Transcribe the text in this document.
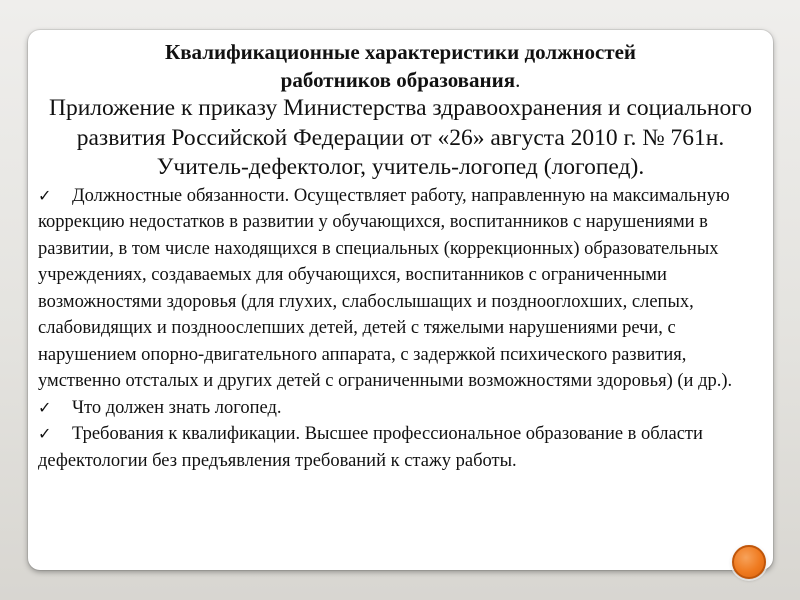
Квалификационные характеристики должностей
работников образования.

Приложение к приказу Министерства здравоохранения и социального развития Российской Федерации от «26» августа 2010 г. № 761н. Учитель-дефектолог, учитель-логопед (логопед).

✓ Должностные обязанности. Осуществляет работу, направленную на максимальную коррекцию недостатков в развитии у обучающихся, воспитанников с нарушениями в развитии, в том числе находящихся в специальных (коррекционных) образовательных учреждениях, создаваемых для обучающихся, воспитанников с ограниченными возможностями здоровья (для глухих, слабослышащих и позднооглохших, слепых, слабовидящих и поздноослепших детей, детей с тяжелыми нарушениями речи, с нарушением опорно-двигательного аппарата, с задержкой психического развития, умственно отсталых и других детей с ограниченными возможностями здоровья) (и др.).
✓ Что должен знать логопед.
✓ Требования к квалификации. Высшее профессиональное образование в области дефектологии без предъявления требований к стажу работы.
